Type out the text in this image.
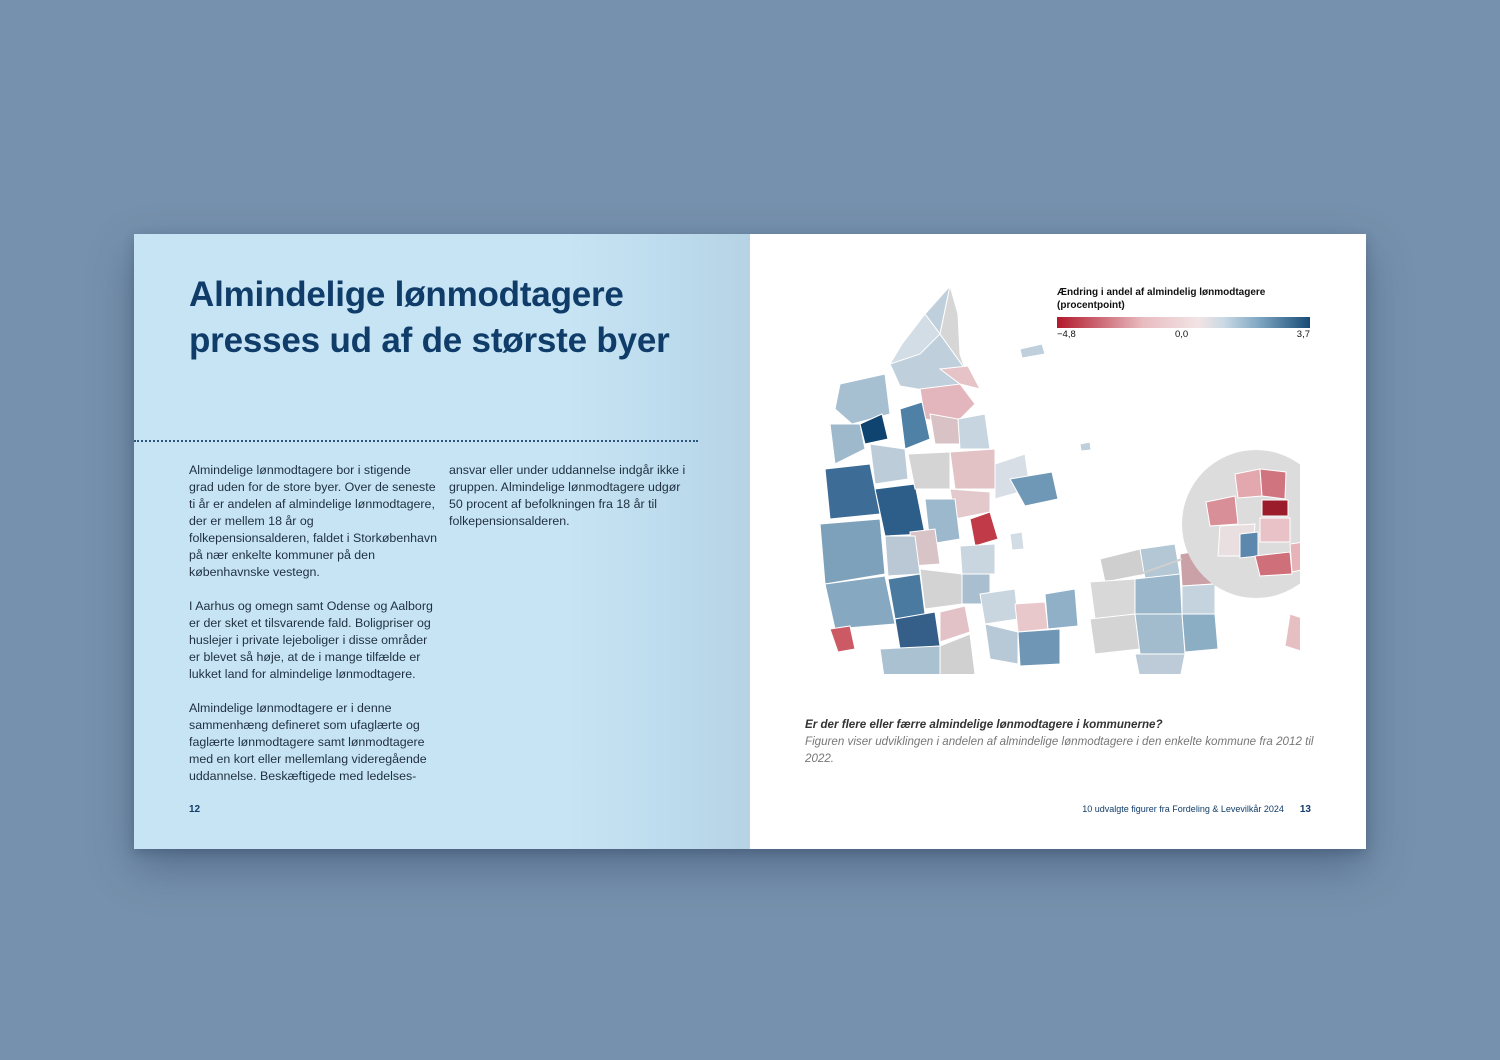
Almindelige lønmodtagere
presses ud af de største byer

Almindelige lønmodtagere bor i stigende grad uden for de store byer. Over de seneste ti år er andelen af almindelige lønmodtagere, der er mellem 18 år og folkepensionsalderen, faldet i Storkøbenhavn på nær enkelte kommuner på den københavnske vestegn.

I Aarhus og omegn samt Odense og Aalborg er der sket et tilsvarende fald. Boligpriser og huslejer i private lejeboliger i disse områder er blevet så høje, at de i mange tilfælde er lukket land for almindelige lønmodtagere.

Almindelige lønmodtagere er i denne sammenhæng defineret som ufaglærte og faglærte lønmodtagere samt lønmodtagere med en kort eller mellemlang videregående uddannelse. Beskæftigede med ledelses-

ansvar eller under uddannelse indgår ikke i gruppen. Almindelige lønmodtagere udgør 50 procent af befolkningen fra 18 år til folkepensionsalderen.

12
Ændring i andel af almindelig lønmodtagere
(procentpoint)
−4,8	0,0	3,7
Er der flere eller færre almindelige lønmodtagere i kommunerne?
Figuren viser udviklingen i andelen af almindelige lønmodtagere i den enkelte kommune fra 2012 til 2022.
10 udvalgte figurer fra Fordeling & Levevilkår 2024 13
